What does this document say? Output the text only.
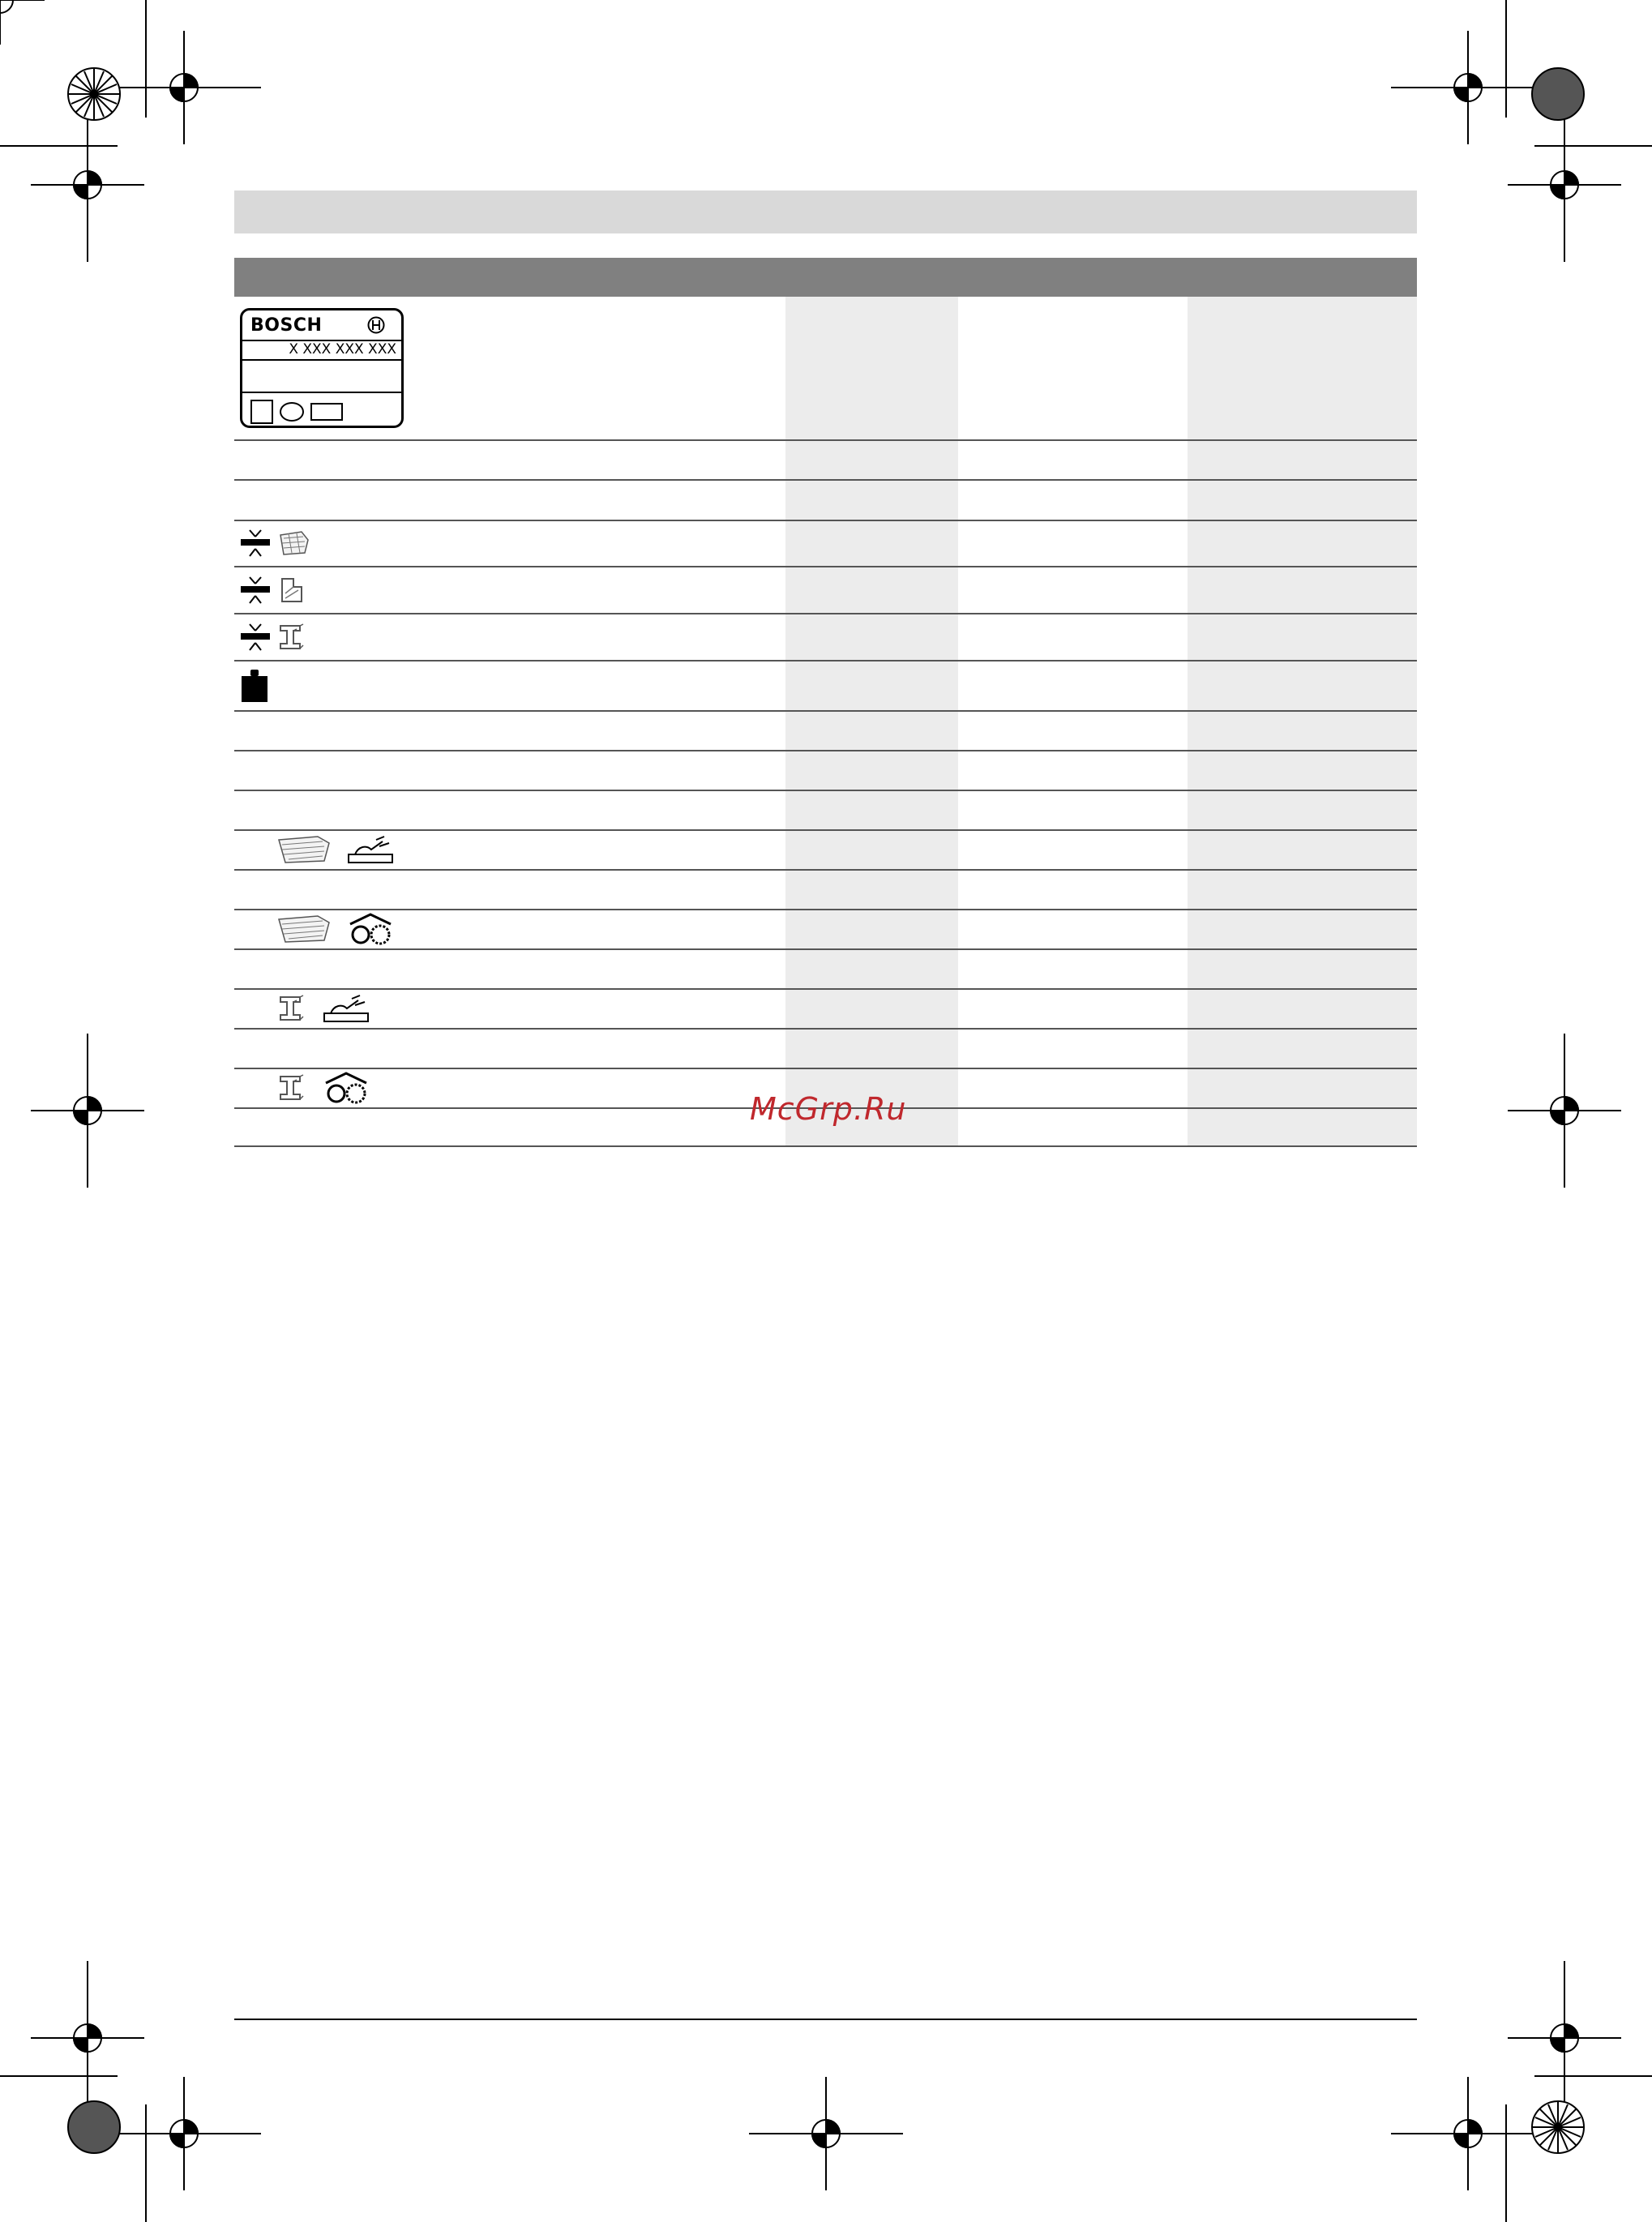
BOSCH
X XXX XXX XXX
McGrp.Ru
